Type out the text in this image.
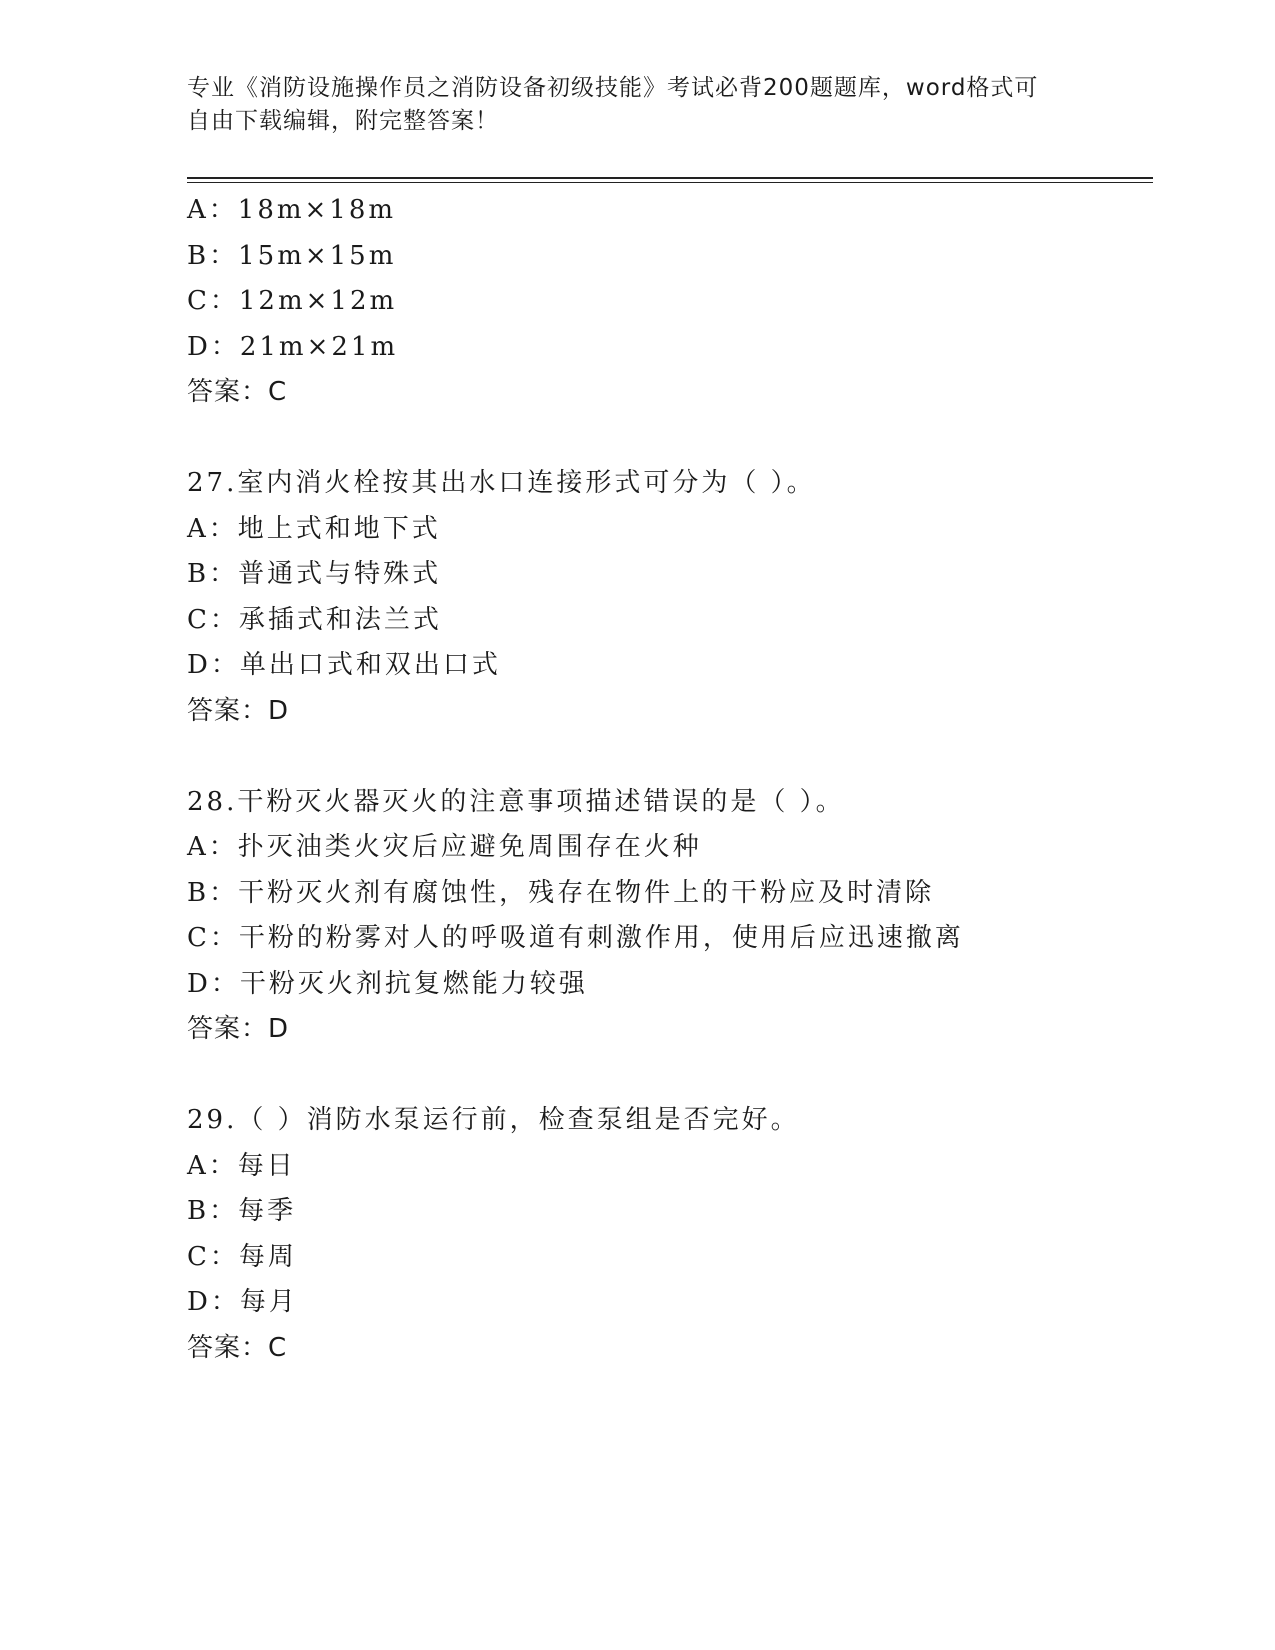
专业《消防设施操作员之消防设备初级技能》考试必背200题题库，word格式可
自由下载编辑，附完整答案！
A：18m×18m
B：15m×15m
C：12m×12m
D：21m×21m
答案：C
27.室内消火栓按其出水口连接形式可分为（ ）。
A：地上式和地下式
B：普通式与特殊式
C：承插式和法兰式
D：单出口式和双出口式
答案：D
28.干粉灭火器灭火的注意事项描述错误的是（ ）。
A：扑灭油类火灾后应避免周围存在火种
B：干粉灭火剂有腐蚀性，残存在物件上的干粉应及时清除
C：干粉的粉雾对人的呼吸道有刺激作用，使用后应迅速撤离
D：干粉灭火剂抗复燃能力较强
答案：D
29.（ ）消防水泵运行前，检查泵组是否完好。
A：每日
B：每季
C：每周
D：每月
答案：C
